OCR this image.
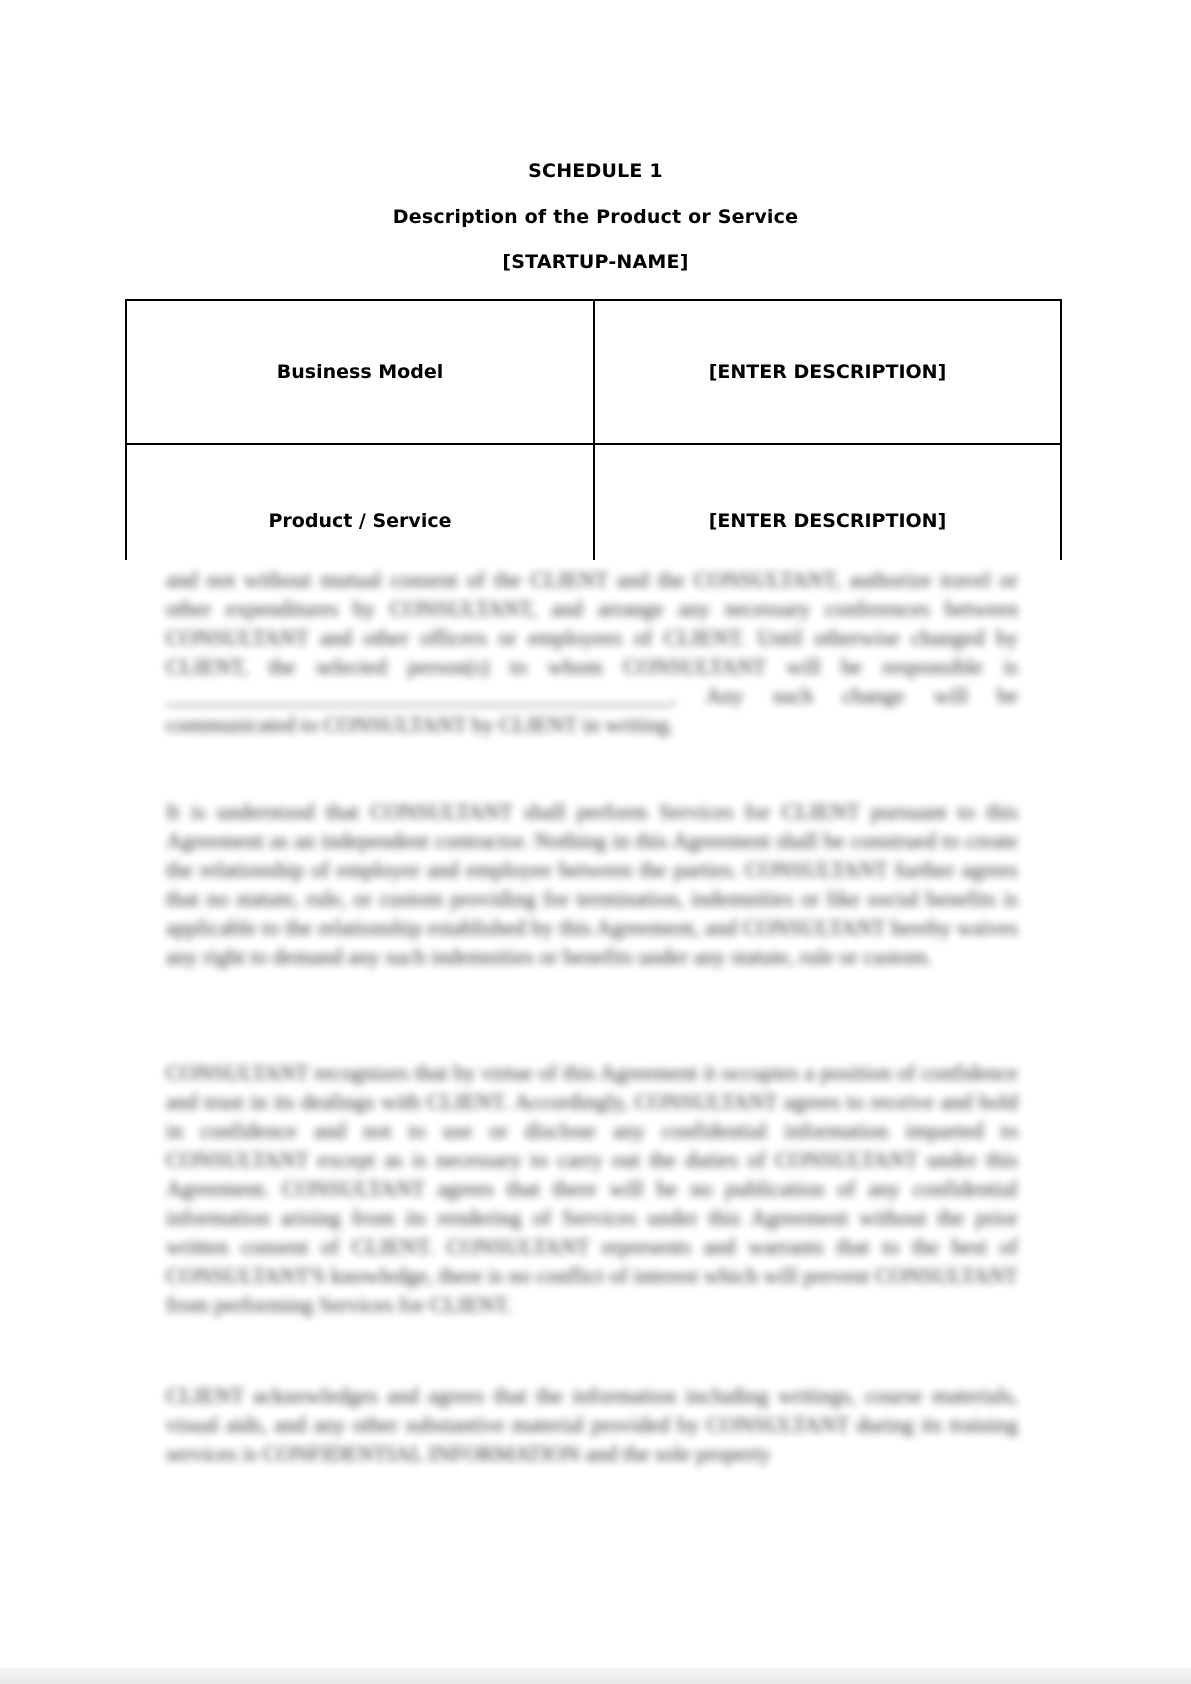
SCHEDULE 1
Description of the Product or Service
[STARTUP-NAME]
Business Model	[ENTER DESCRIPTION]
Product / Service	[ENTER DESCRIPTION]
and not without mutual consent of the CLIENT and the CONSULTANT, authorize travel or other expenditures by CONSULTANT, and arrange any necessary conferences between CONSULTANT and other officers or employees of CLIENT. Until otherwise changed by CLIENT, the selected person(s) to whom CONSULTANT will be responsible is ______________________________________________. Any such change will be communicated to CONSULTANT by CLIENT in writing.
It is understood that CONSULTANT shall perform Services for CLIENT pursuant to this Agreement as an independent contractor. Nothing in this Agreement shall be construed to create the relationship of employer and employee between the parties. CONSULTANT further agrees that no statute, rule, or custom providing for termination, indemnities or like social benefits is applicable to the relationship established by this Agreement, and CONSULTANT hereby waives any right to demand any such indemnities or benefits under any statute, rule or custom.
CONSULTANT recognizes that by virtue of this Agreement it occupies a position of confidence and trust in its dealings with CLIENT. Accordingly, CONSULTANT agrees to receive and hold in confidence and not to use or disclose any confidential information imparted to CONSULTANT except as is necessary to carry out the duties of CONSULTANT under this Agreement. CONSULTANT agrees that there will be no publication of any confidential information arising from its rendering of Services under this Agreement without the prior written consent of CLIENT. CONSULTANT represents and warrants that to the best of CONSULTANT'S knowledge, there is no conflict of interest which will prevent CONSULTANT from performing Services for CLIENT.
CLIENT acknowledges and agrees that the information including writings, course materials, visual aids, and any other substantive material provided by CONSULTANT during its training services is CONFIDENTIAL INFORMATION and the sole property
